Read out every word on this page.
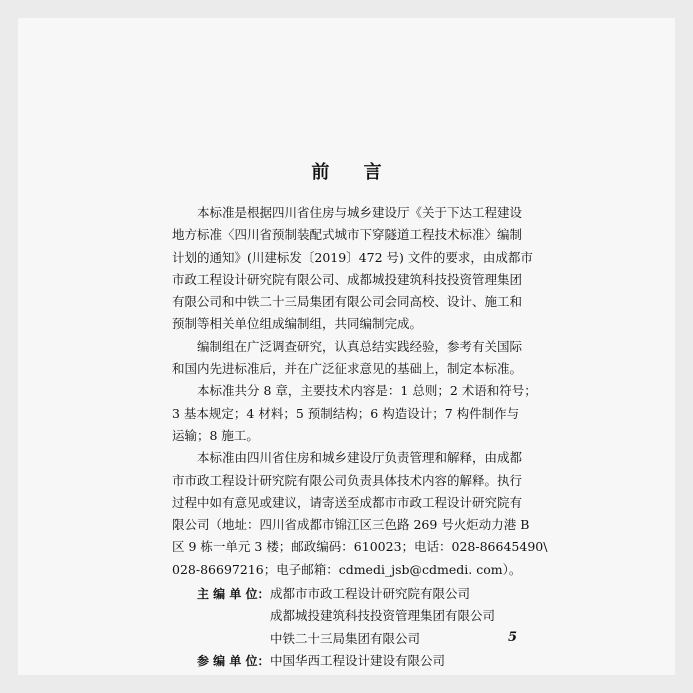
前 言
本标准是根据四川省住房与城乡建设厅《关于下达工程建设
地方标准〈四川省预制装配式城市下穿隧道工程技术标准〉编制
计划的通知》(川建标发〔2019〕472 号) 文件的要求，由成都市
市政工程设计研究院有限公司、成都城投建筑科技投资管理集团
有限公司和中铁二十三局集团有限公司会同高校、设计、施工和
预制等相关单位组成编制组，共同编制完成。
编制组在广泛调查研究，认真总结实践经验，参考有关国际
和国内先进标准后，并在广泛征求意见的基础上，制定本标准。
本标准共分 8 章，主要技术内容是：1 总则；2 术语和符号；
3 基本规定；4 材料；5 预制结构；6 构造设计；7 构件制作与
运输；8 施工。
本标准由四川省住房和城乡建设厅负责管理和解释，由成都
市市政工程设计研究院有限公司负责具体技术内容的解释。执行
过程中如有意见或建议，请寄送至成都市市政工程设计研究院有
限公司（地址：四川省成都市锦江区三色路 269 号火炬动力港 B
区 9 栋一单元 3 楼；邮政编码：610023；电话：028-86645490\
028-86697216；电子邮箱：cdmedi_jsb@cdmedi. com）。
主 编 单 位： 成都市市政工程设计研究院有限公司
成都城投建筑科技投资管理集团有限公司
中铁二十三局集团有限公司
参 编 单 位： 中国华西工程设计建设有限公司
5
